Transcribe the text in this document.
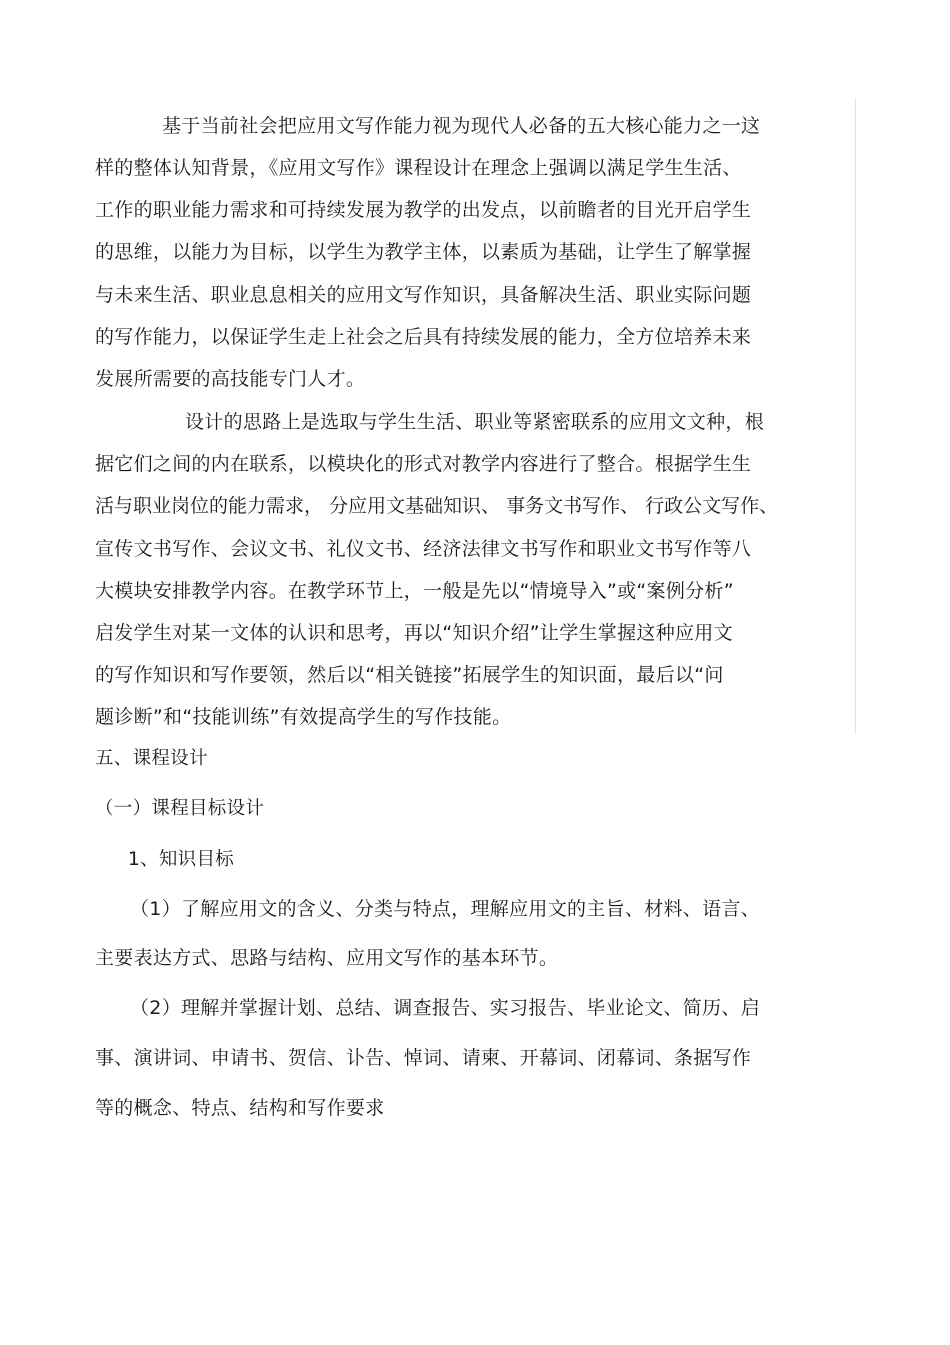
基于当前社会把应用文写作能力视为现代人必备的五大核心能力之一这
样的整体认知背景，《应用文写作》课程设计在理念上强调以满足学生生活、
工作的职业能力需求和可持续发展为教学的出发点，以前瞻者的目光开启学生
的思维，以能力为目标，以学生为教学主体，以素质为基础，让学生了解掌握
与未来生活、职业息息相关的应用文写作知识，具备解决生活、职业实际问题
的写作能力，以保证学生走上社会之后具有持续发展的能力，全方位培养未来
发展所需要的高技能专门人才。
设计的思路上是选取与学生生活、职业等紧密联系的应用文文种，根
据它们之间的内在联系，以模块化的形式对教学内容进行了整合。根据学生生
活与职业岗位的能力需求， 分应用文基础知识、 事务文书写作、 行政公文写作、
宣传文书写作、会议文书、礼仪文书、经济法律文书写作和职业文书写作等八
大模块安排教学内容。在教学环节上，一般是先以“情境导入”或“案例分析”
启发学生对某一文体的认识和思考，再以“知识介绍”让学生掌握这种应用文
的写作知识和写作要领，然后以“相关链接”拓展学生的知识面，最后以“问
题诊断”和“技能训练”有效提高学生的写作技能。
五、课程设计
（一）课程目标设计
1、知识目标
（1）了解应用文的含义、分类与特点，理解应用文的主旨、材料、语言、
主要表达方式、思路与结构、应用文写作的基本环节。
（2）理解并掌握计划、总结、调查报告、实习报告、毕业论文、简历、启
事、演讲词、申请书、贺信、讣告、悼词、请柬、开幕词、闭幕词、条据写作
等的概念、特点、结构和写作要求
